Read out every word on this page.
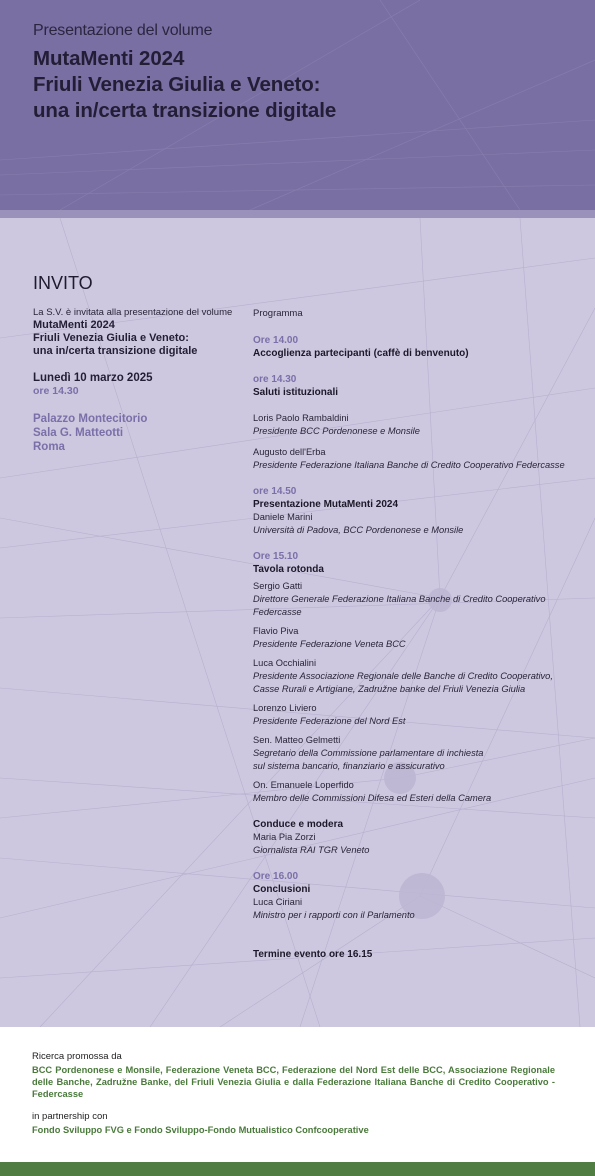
Presentazione del volume
MutaMenti 2024
Friuli Venezia Giulia e Veneto:
una in/certa transizione digitale
INVITO
La S.V. è invitata alla presentazione del volume
MutaMenti 2024
Friuli Venezia Giulia e Veneto:
una in/certa transizione digitale
Lunedì 10 marzo 2025
ore 14.30
Palazzo Montecitorio
Sala G. Matteotti
Roma
Programma
Ore 14.00
Accoglienza partecipanti (caffè di benvenuto)
ore 14.30
Saluti istituzionali
Loris Paolo Rambaldini
Presidente BCC Pordenonese e Monsile
Augusto dell'Erba
Presidente Federazione Italiana Banche di Credito Cooperativo Federcasse
ore 14.50
Presentazione MutaMenti 2024
Daniele Marini
Università di Padova, BCC Pordenonese e Monsile
Ore 15.10
Tavola rotonda
Sergio Gatti
Direttore Generale Federazione Italiana Banche di Credito Cooperativo
Federcasse
Flavio Piva
Presidente Federazione Veneta BCC
Luca Occhialini
Presidente Associazione Regionale delle Banche di Credito Cooperativo,
Casse Rurali e Artigiane, Zadružne banke del Friuli Venezia Giulia
Lorenzo Liviero
Presidente Federazione del Nord Est
Sen. Matteo Gelmetti
Segretario della Commissione parlamentare di inchiesta
sul sistema bancario, finanziario e assicurativo
On. Emanuele Loperfido
Membro delle Commissioni Difesa ed Esteri della Camera
Conduce e modera
Maria Pia Zorzi
Giornalista RAI TGR Veneto
Ore 16.00
Conclusioni
Luca Ciriani
Ministro per i rapporti con il Parlamento
Termine evento ore 16.15
Ricerca promossa da
BCC Pordenonese e Monsile, Federazione Veneta BCC, Federazione del Nord Est delle BCC, Associazione Regionale delle Banche, Zadružne Banke, del Friuli Venezia Giulia e dalla Federazione Italiana Banche di Credito Cooperativo - Federcasse
in partnership con
Fondo Sviluppo FVG e Fondo Sviluppo-Fondo Mutualistico Confcooperative
